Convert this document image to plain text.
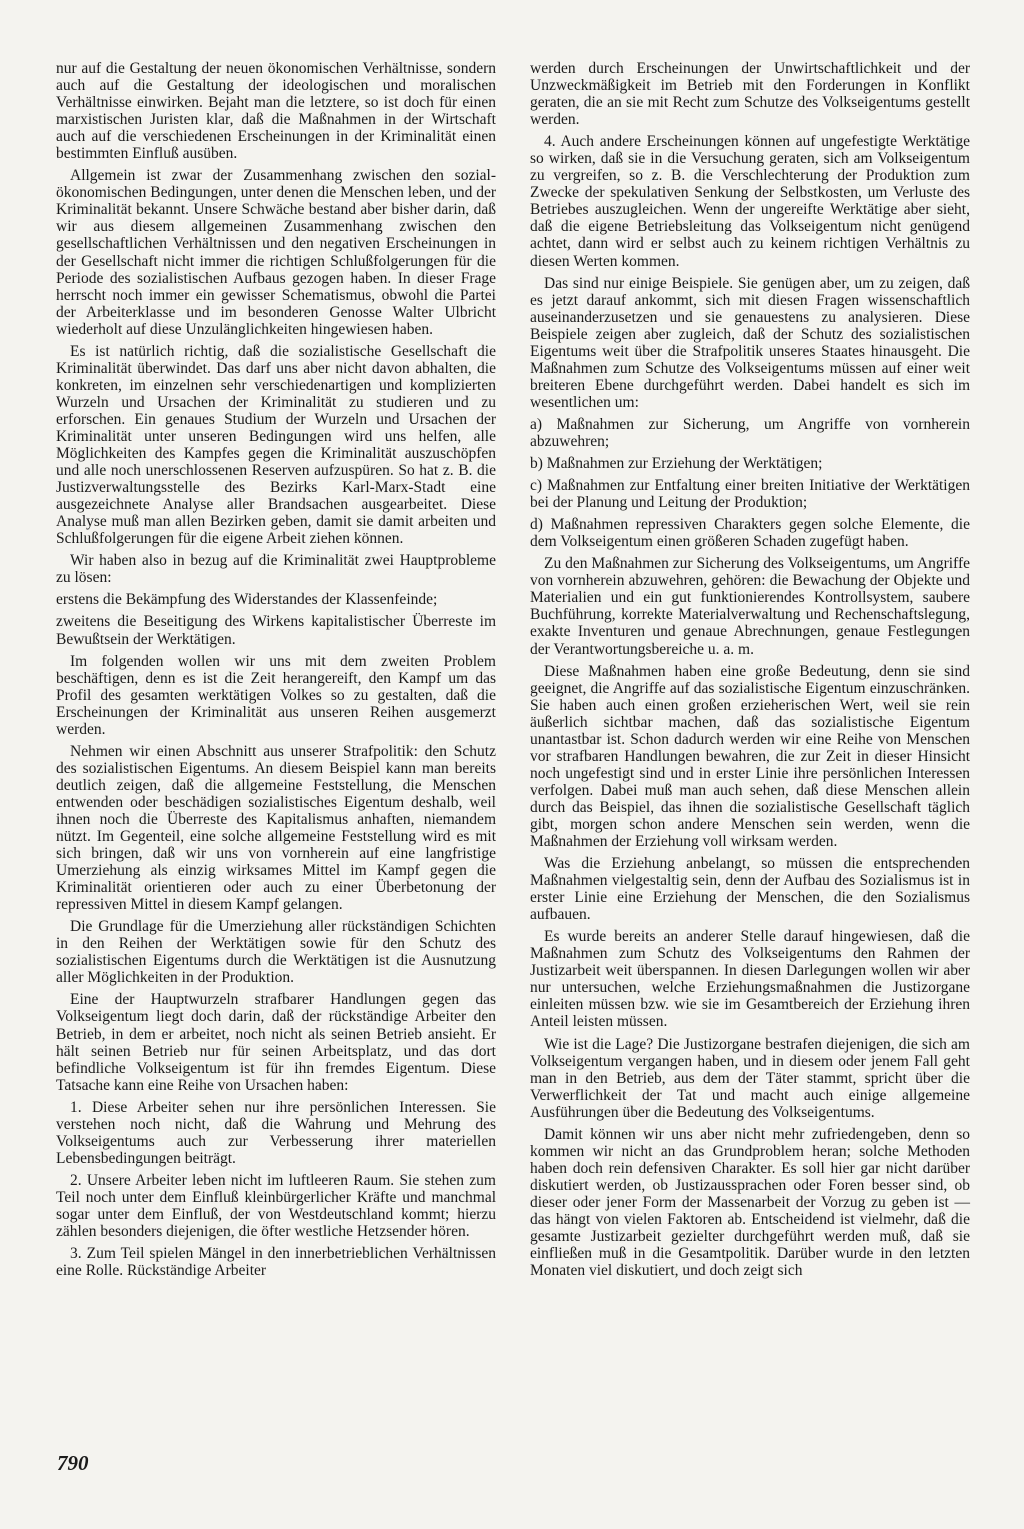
nur auf die Gestaltung der neuen ökonomischen Verhältnisse, sondern auch auf die Gestaltung der ideologischen und moralischen Verhältnisse einwirken. Bejaht man die letztere, so ist doch für einen marxistischen Juristen klar, daß die Maßnahmen in der Wirtschaft auch auf die verschiedenen Erscheinungen in der Kriminalität einen bestimmten Einfluß ausüben.

Allgemein ist zwar der Zusammenhang zwischen den sozial-ökonomischen Bedingungen, unter denen die Menschen leben, und der Kriminalität bekannt. Unsere Schwäche bestand aber bisher darin, daß wir aus diesem allgemeinen Zusammenhang zwischen den gesellschaftlichen Verhältnissen und den negativen Erscheinungen in der Gesellschaft nicht immer die richtigen Schlußfolgerungen für die Periode des sozialistischen Aufbaus gezogen haben. In dieser Frage herrscht noch immer ein gewisser Schematismus, obwohl die Partei der Arbeiterklasse und im besonderen Genosse Walter Ulbricht wiederholt auf diese Unzulänglichkeiten hingewiesen haben.

Es ist natürlich richtig, daß die sozialistische Gesellschaft die Kriminalität überwindet. Das darf uns aber nicht davon abhalten, die konkreten, im einzelnen sehr verschiedenartigen und komplizierten Wurzeln und Ursachen der Kriminalität zu studieren und zu erforschen. Ein genaues Studium der Wurzeln und Ursachen der Kriminalität unter unseren Bedingungen wird uns helfen, alle Möglichkeiten des Kampfes gegen die Kriminalität auszuschöpfen und alle noch unerschlossenen Reserven aufzuspüren. So hat z. B. die Justizverwaltungsstelle des Bezirks Karl-Marx-Stadt eine ausgezeichnete Analyse aller Brandsachen ausgearbeitet. Diese Analyse muß man allen Bezirken geben, damit sie damit arbeiten und Schlußfolgerungen für die eigene Arbeit ziehen können.

Wir haben also in bezug auf die Kriminalität zwei Hauptprobleme zu lösen:

erstens die Bekämpfung des Widerstandes der Klassenfeinde;

zweitens die Beseitigung des Wirkens kapitalistischer Überreste im Bewußtsein der Werktätigen.

Im folgenden wollen wir uns mit dem zweiten Problem beschäftigen, denn es ist die Zeit herangereift, den Kampf um das Profil des gesamten werktätigen Volkes so zu gestalten, daß die Erscheinungen der Kriminalität aus unseren Reihen ausgemerzt werden.

Nehmen wir einen Abschnitt aus unserer Strafpolitik: den Schutz des sozialistischen Eigentums. An diesem Beispiel kann man bereits deutlich zeigen, daß die allgemeine Feststellung, die Menschen entwenden oder beschädigen sozialistisches Eigentum deshalb, weil ihnen noch die Überreste des Kapitalismus anhaften, niemandem nützt. Im Gegenteil, eine solche allgemeine Feststellung wird es mit sich bringen, daß wir uns von vornherein auf eine langfristige Umerziehung als einzig wirksames Mittel im Kampf gegen die Kriminalität orientieren oder auch zu einer Überbetonung der repressiven Mittel in diesem Kampf gelangen.

Die Grundlage für die Umerziehung aller rückständigen Schichten in den Reihen der Werktätigen sowie für den Schutz des sozialistischen Eigentums durch die Werktätigen ist die Ausnutzung aller Möglichkeiten in der Produktion.

Eine der Hauptwurzeln strafbarer Handlungen gegen das Volkseigentum liegt doch darin, daß der rückständige Arbeiter den Betrieb, in dem er arbeitet, noch nicht als seinen Betrieb ansieht. Er hält seinen Betrieb nur für seinen Arbeitsplatz, und das dort befindliche Volkseigentum ist für ihn fremdes Eigentum. Diese Tatsache kann eine Reihe von Ursachen haben:

1. Diese Arbeiter sehen nur ihre persönlichen Interessen. Sie verstehen noch nicht, daß die Wahrung und Mehrung des Volkseigentums auch zur Verbesserung ihrer materiellen Lebensbedingungen beiträgt.

2. Unsere Arbeiter leben nicht im luftleeren Raum. Sie stehen zum Teil noch unter dem Einfluß kleinbürgerlicher Kräfte und manchmal sogar unter dem Einfluß, der von Westdeutschland kommt; hierzu zählen besonders diejenigen, die öfter westliche Hetzsender hören.

3. Zum Teil spielen Mängel in den innerbetrieblichen Verhältnissen eine Rolle. Rückständige Arbeiter

werden durch Erscheinungen der Unwirtschaftlichkeit und der Unzweckmäßigkeit im Betrieb mit den Forderungen in Konflikt geraten, die an sie mit Recht zum Schutze des Volkseigentums gestellt werden.

4. Auch andere Erscheinungen können auf ungefestigte Werktätige so wirken, daß sie in die Versuchung geraten, sich am Volkseigentum zu vergreifen, so z. B. die Verschlechterung der Produktion zum Zwecke der spekulativen Senkung der Selbstkosten, um Verluste des Betriebes auszugleichen. Wenn der ungereifte Werktätige aber sieht, daß die eigene Betriebsleitung das Volkseigentum nicht genügend achtet, dann wird er selbst auch zu keinem richtigen Verhältnis zu diesen Werten kommen.

Das sind nur einige Beispiele. Sie genügen aber, um zu zeigen, daß es jetzt darauf ankommt, sich mit diesen Fragen wissenschaftlich auseinanderzusetzen und sie genauestens zu analysieren. Diese Beispiele zeigen aber zugleich, daß der Schutz des sozialistischen Eigentums weit über die Strafpolitik unseres Staates hinausgeht. Die Maßnahmen zum Schutze des Volkseigentums müssen auf einer weit breiteren Ebene durchgeführt werden. Dabei handelt es sich im wesentlichen um:

a) Maßnahmen zur Sicherung, um Angriffe von vornherein abzuwehren;

b) Maßnahmen zur Erziehung der Werktätigen;

c) Maßnahmen zur Entfaltung einer breiten Initiative der Werktätigen bei der Planung und Leitung der Produktion;

d) Maßnahmen repressiven Charakters gegen solche Elemente, die dem Volkseigentum einen größeren Schaden zugefügt haben.

Zu den Maßnahmen zur Sicherung des Volkseigentums, um Angriffe von vornherein abzuwehren, gehören: die Bewachung der Objekte und Materialien und ein gut funktionierendes Kontrollsystem, saubere Buchführung, korrekte Materialverwaltung und Rechenschaftslegung, exakte Inventuren und genaue Abrechnungen, genaue Festlegungen der Verantwortungsbereiche u. a. m.

Diese Maßnahmen haben eine große Bedeutung, denn sie sind geeignet, die Angriffe auf das sozialistische Eigentum einzuschränken. Sie haben auch einen großen erzieherischen Wert, weil sie rein äußerlich sichtbar machen, daß das sozialistische Eigentum unantastbar ist. Schon dadurch werden wir eine Reihe von Menschen vor strafbaren Handlungen bewahren, die zur Zeit in dieser Hinsicht noch ungefestigt sind und in erster Linie ihre persönlichen Interessen verfolgen. Dabei muß man auch sehen, daß diese Menschen allein durch das Beispiel, das ihnen die sozialistische Gesellschaft täglich gibt, morgen schon andere Menschen sein werden, wenn die Maßnahmen der Erziehung voll wirksam werden.

Was die Erziehung anbelangt, so müssen die entsprechenden Maßnahmen vielgestaltig sein, denn der Aufbau des Sozialismus ist in erster Linie eine Erziehung der Menschen, die den Sozialismus aufbauen.

Es wurde bereits an anderer Stelle darauf hingewiesen, daß die Maßnahmen zum Schutz des Volkseigentums den Rahmen der Justizarbeit weit überspannen. In diesen Darlegungen wollen wir aber nur untersuchen, welche Erziehungsmaßnahmen die Justizorgane einleiten müssen bzw. wie sie im Gesamtbereich der Erziehung ihren Anteil leisten müssen.

Wie ist die Lage? Die Justizorgane bestrafen diejenigen, die sich am Volkseigentum vergangen haben, und in diesem oder jenem Fall geht man in den Betrieb, aus dem der Täter stammt, spricht über die Verwerflichkeit der Tat und macht auch einige allgemeine Ausführungen über die Bedeutung des Volkseigentums.

Damit können wir uns aber nicht mehr zufriedengeben, denn so kommen wir nicht an das Grundproblem heran; solche Methoden haben doch rein defensiven Charakter. Es soll hier gar nicht darüber diskutiert werden, ob Justizaussprachen oder Foren besser sind, ob dieser oder jener Form der Massenarbeit der Vorzug zu geben ist — das hängt von vielen Faktoren ab. Entscheidend ist vielmehr, daß die gesamte Justizarbeit gezielter durchgeführt werden muß, daß sie einfließen muß in die Gesamtpolitik. Darüber wurde in den letzten Monaten viel diskutiert, und doch zeigt sich

790
